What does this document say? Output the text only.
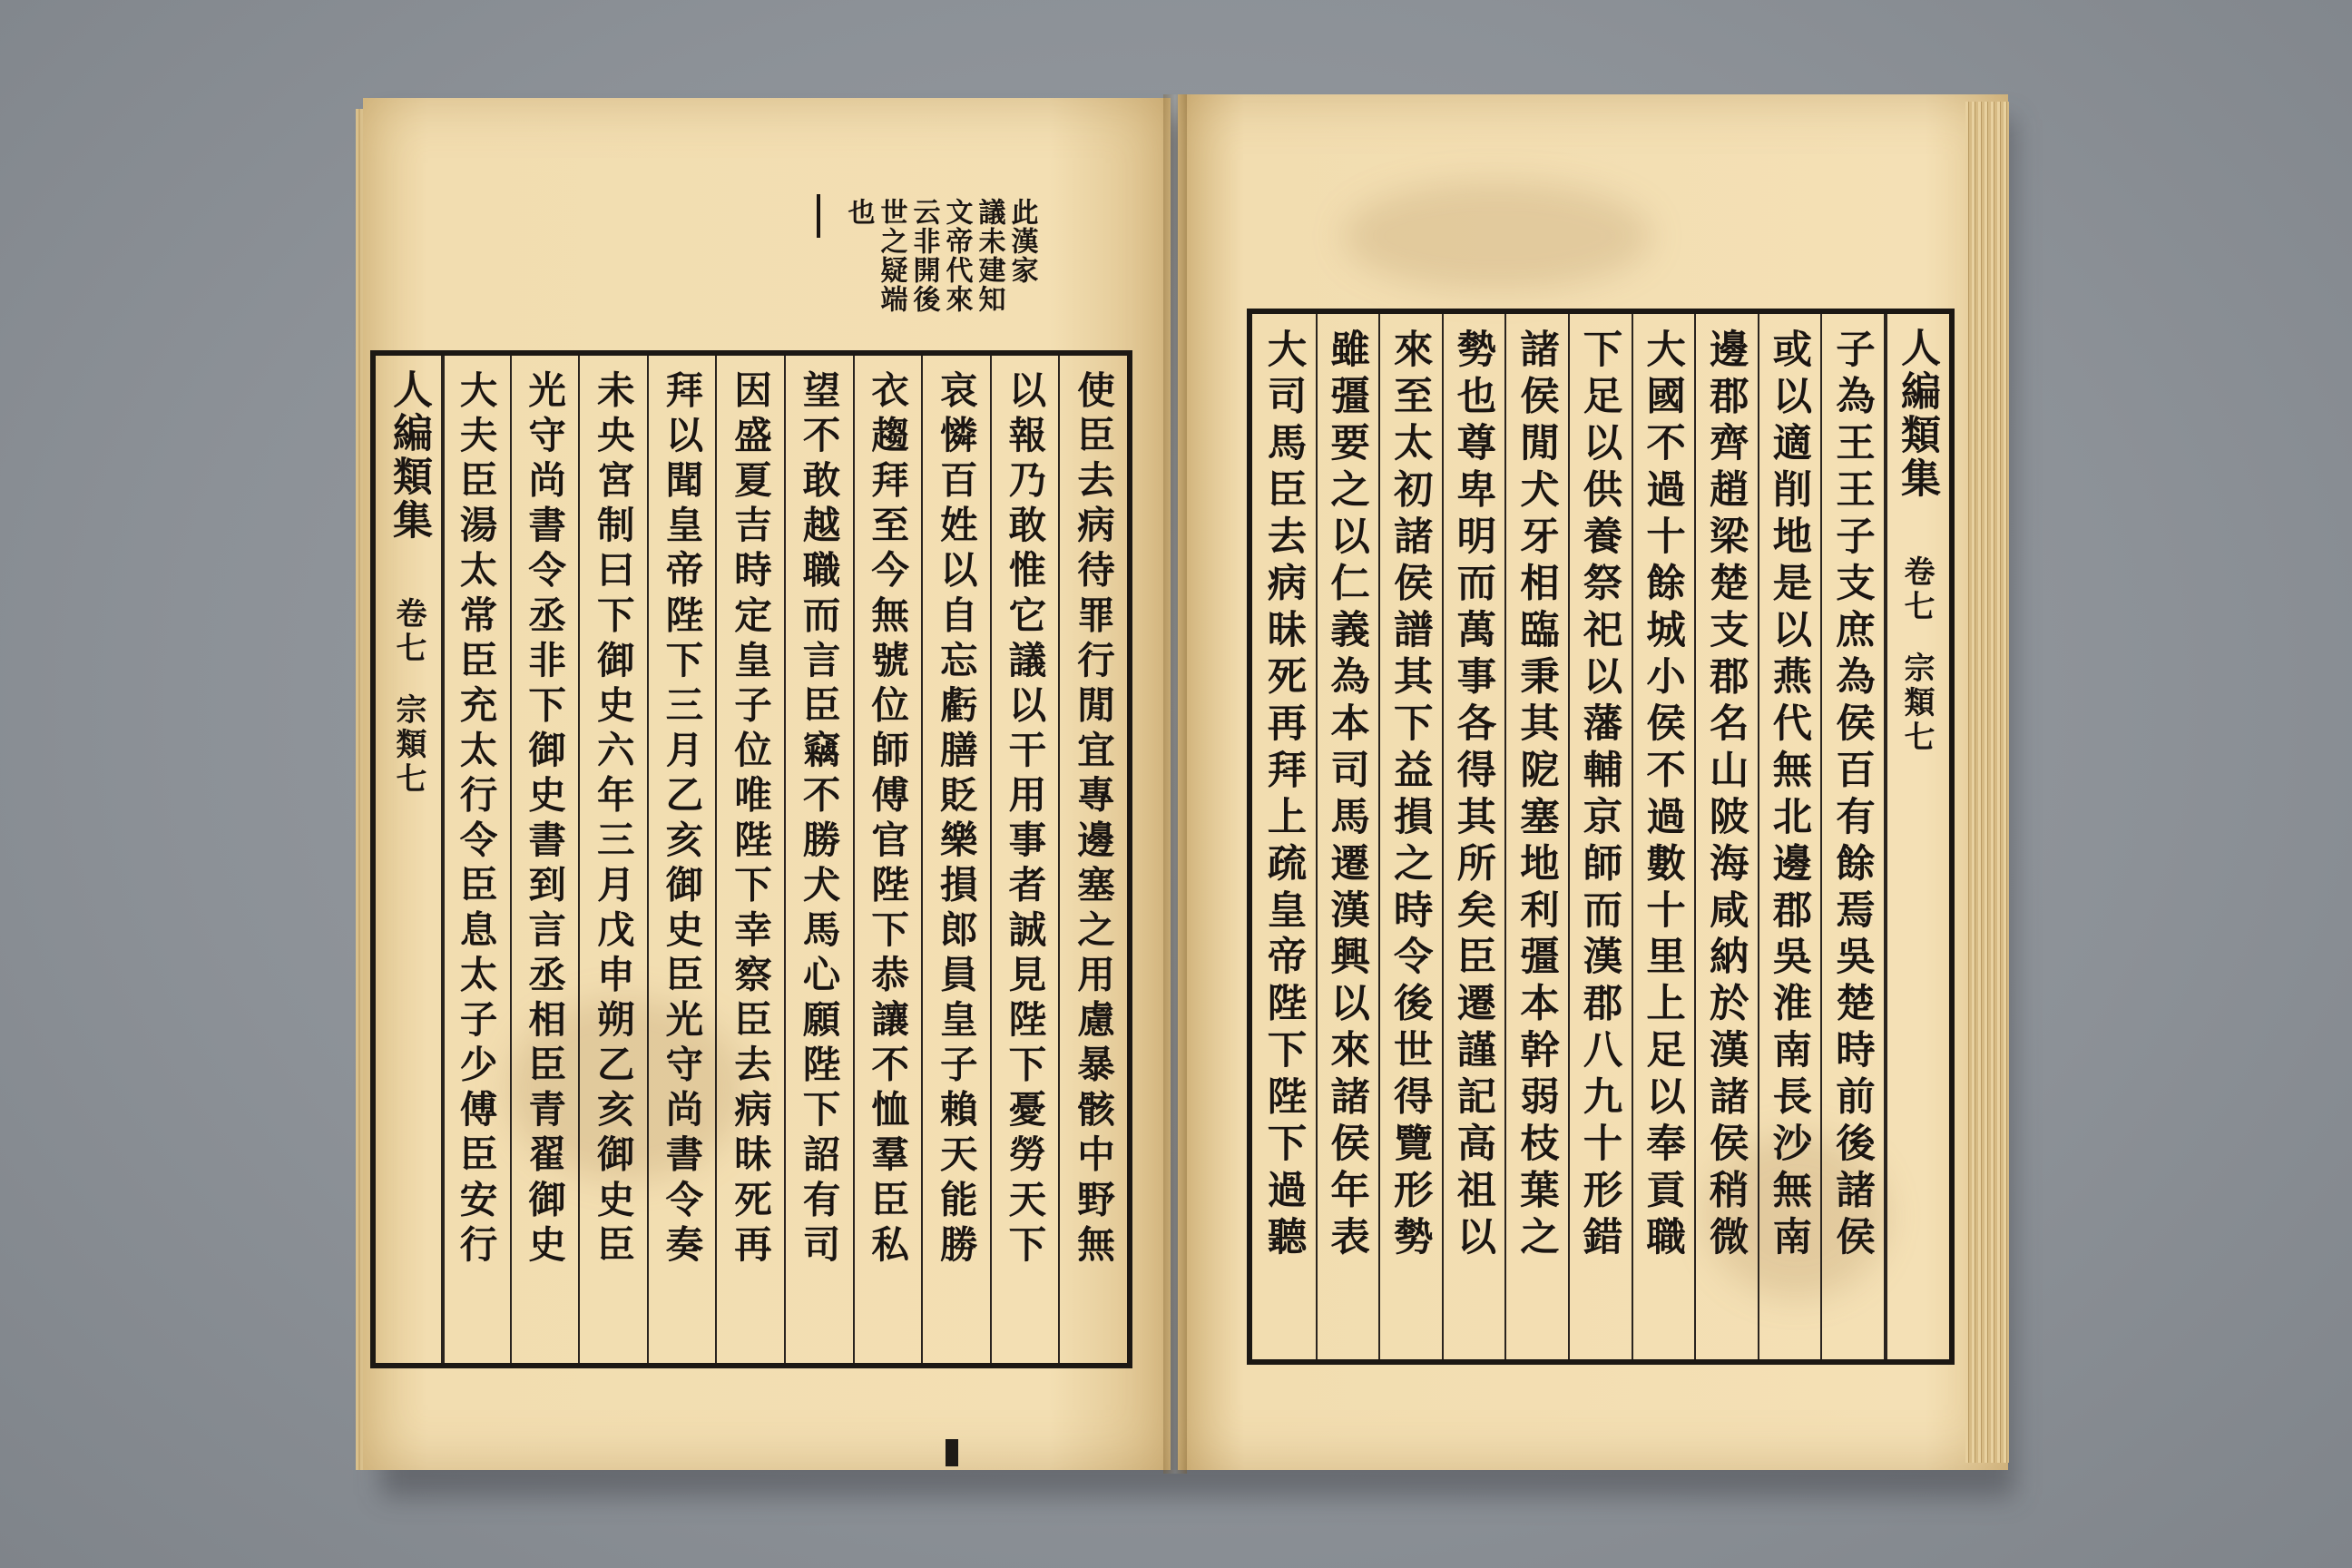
人編類集
卷七
宗類七	使臣去病待罪行閒宜專邊塞之用慮暴骸中野無
以報乃敢惟它議以干用事者誠見陛下憂勞天下
哀憐百姓以自忘虧膳貶樂損郎員皇子賴天能勝
衣趨拜至今無號位師傅官陛下恭讓不恤羣臣私
望不敢越職而言臣竊不勝犬馬心願陛下詔有司
因盛夏吉時定皇子位唯陛下幸察臣去病昧死再
拜以聞皇帝陛下三月乙亥御史臣光守尚書令奏
未央宮制曰下御史六年三月戊申朔乙亥御史臣
光守尚書令丞非下御史書到言丞相臣青翟御史
大夫臣湯太常臣充太行令臣息太子少傅臣安行	人編類集
卷七
宗類七
子為王王子支庶為侯百有餘焉吳楚時前後諸侯
或以適削地是以燕代無北邊郡吳淮南長沙無南
邊郡齊趙梁楚支郡名山陂海咸納於漢諸侯稍微
大國不過十餘城小侯不過數十里上足以奉貢職
下足以供養祭祀以藩輔京師而漢郡八九十形錯
諸侯閒犬牙相臨秉其阸塞地利彊本幹弱枝葉之
勢也尊卑明而萬事各得其所矣臣遷謹記高祖以
來至太初諸侯譜其下益損之時令後世得覽形勢
雖彊要之以仁義為本司馬遷漢興以來諸侯年表
大司馬臣去病昧死再拜上疏皇帝陛下陛下過聽
此漢家
議未建知
文帝代來
云非開後
世之疑端
也
